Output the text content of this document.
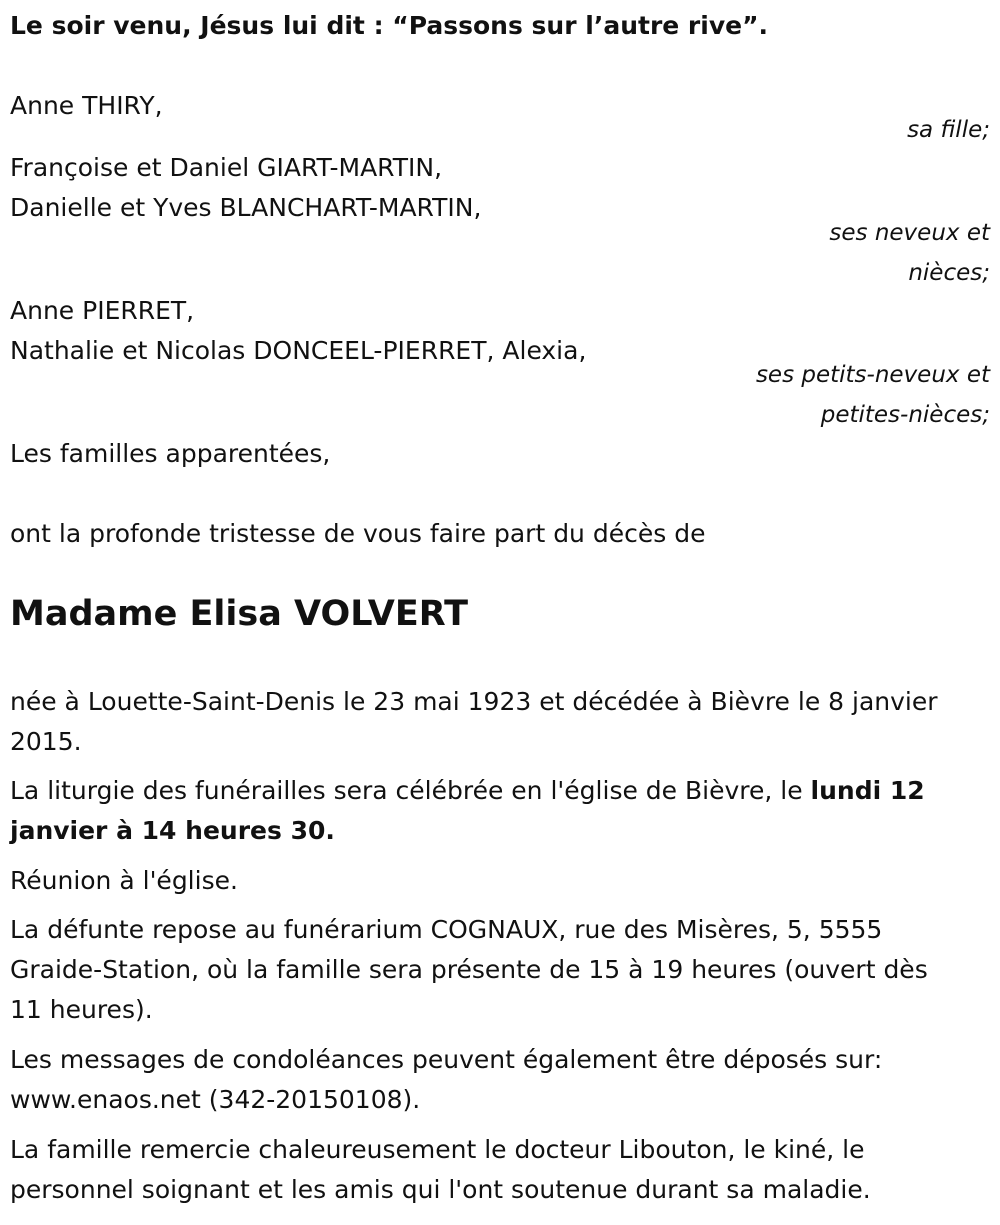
Le soir venu, Jésus lui dit : “Passons sur l’autre rive”.
Anne THIRY,
sa fille;
Françoise et Daniel GIART-MARTIN,
Danielle et Yves BLANCHART-MARTIN,
ses neveux et
nièces;
Anne PIERRET,
Nathalie et Nicolas DONCEEL-PIERRET, Alexia,
ses petits-neveux et
petites-nièces;
Les familles apparentées,
ont la profonde tristesse de vous faire part du décès de
Madame Elisa VOLVERT
née à Louette-Saint-Denis le 23 mai 1923 et décédée à Bièvre le 8 janvier
2015.
La liturgie des funérailles sera célébrée en l'église de Bièvre, le lundi 12
janvier à 14 heures 30.
Réunion à l'église.
La défunte repose au funérarium COGNAUX, rue des Misères, 5, 5555
Graide-Station, où la famille sera présente de 15 à 19 heures (ouvert dès
11 heures).
Les messages de condoléances peuvent également être déposés sur:
www.enaos.net (342-20150108).
La famille remercie chaleureusement le docteur Libouton, le kiné, le
personnel soignant et les amis qui l'ont soutenue durant sa maladie.
